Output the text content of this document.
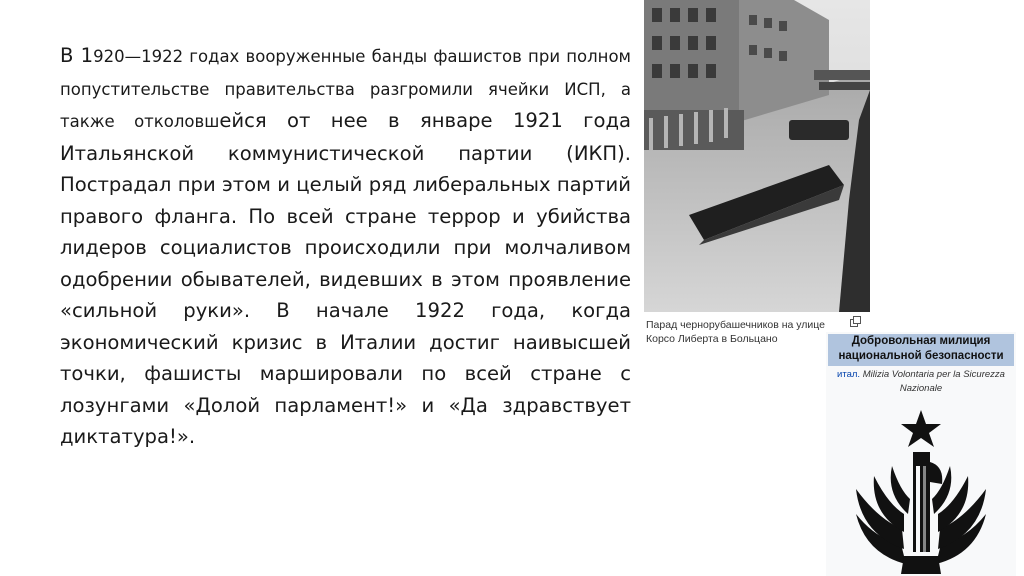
В 1920—1922 годах вооруженные банды фашистов при полном попустительстве правительства разгромили ячейки ИСП, а также отколовшейся от нее в январе 1921 года Итальянской коммунистической партии (ИКП). Пострадал при этом и целый ряд либеральных партий правого фланга. По всей стране террор и убийства лидеров социалистов происходили при молчаливом одобрении обывателей, видевших в этом проявление «сильной руки». В начале 1922 года, когда экономический кризис в Италии достиг наивысшей точки, фашисты маршировали по всей стране с лозунгами «Долой парламент!» и «Да здравствует диктатура!».

Парад чернорубашечников на улице Корсо Либерта в Больцано	Добровольная милиция национальной безопасности
итал. Milizia Volontaria per la Sicurezza Nazionale
